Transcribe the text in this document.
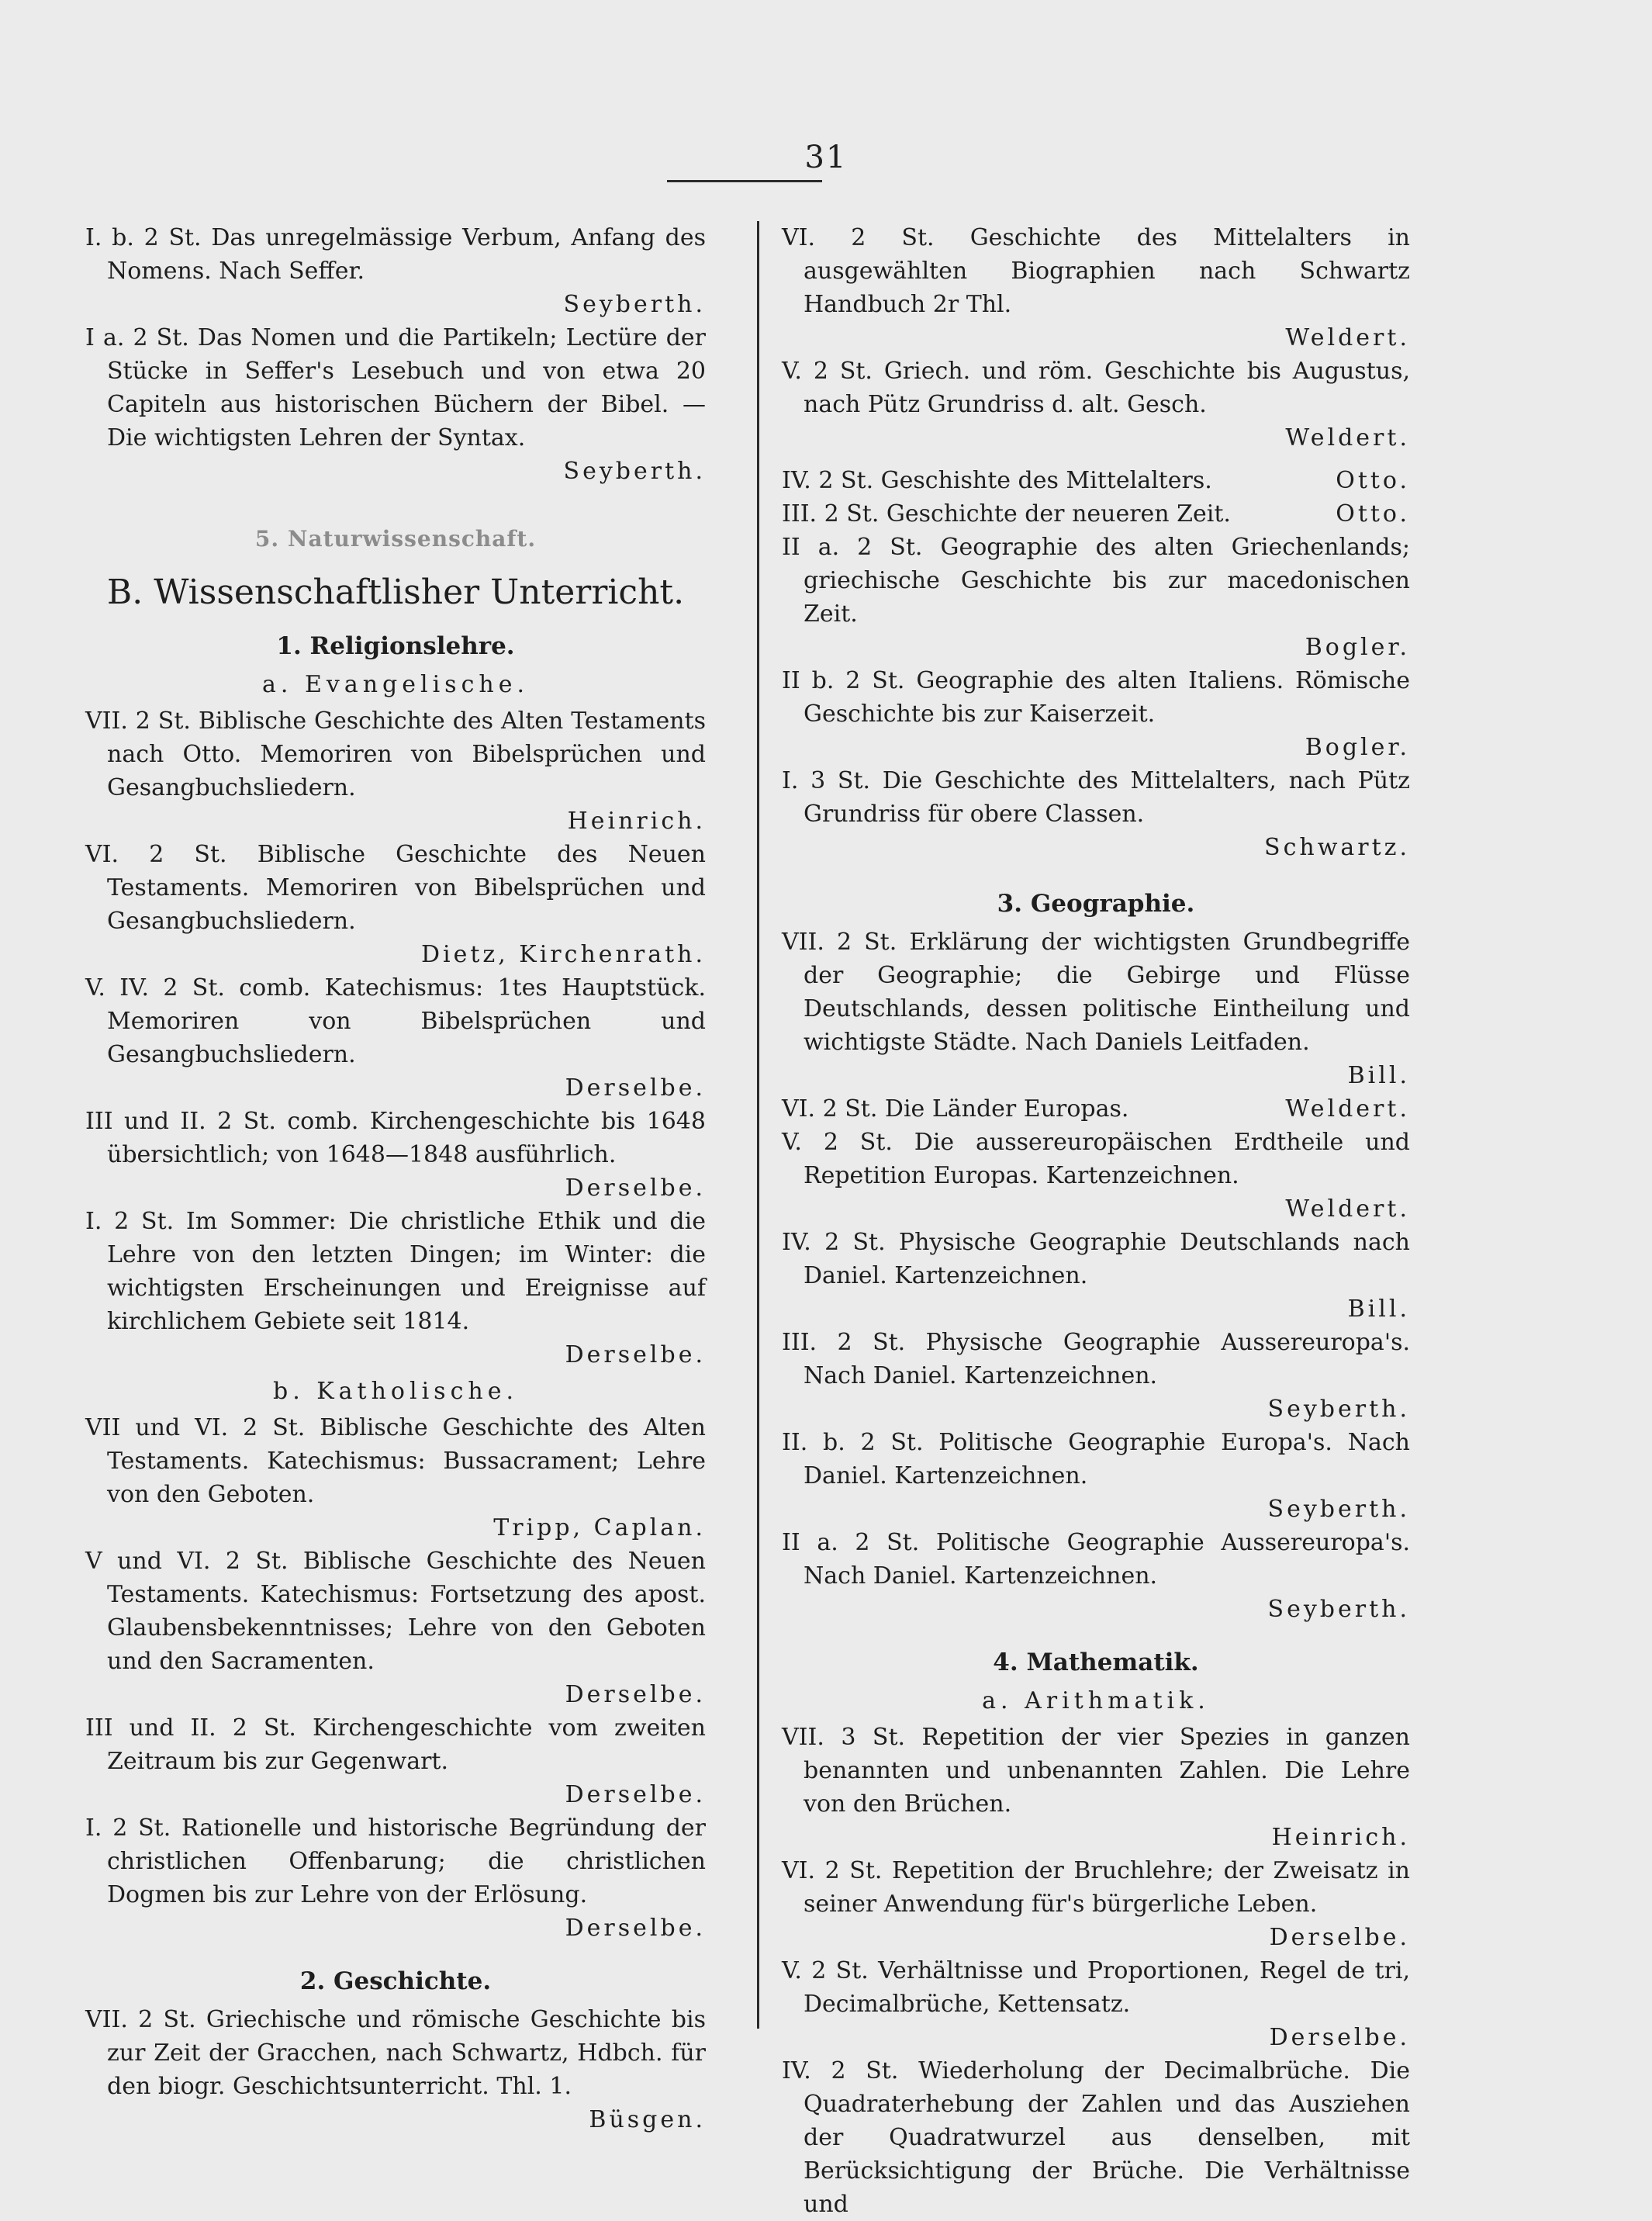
31

I. b. 2 St. Das unregelmässige Verbum, Anfang des Nomens. Nach Seffer.

Seyberth.

I a. 2 St. Das Nomen und die Partikeln; Lectüre der Stücke in Seffer's Lesebuch und von etwa 20 Capiteln aus historischen Büchern der Bibel. — Die wichtigsten Lehren der Syntax.

Seyberth.

5. Naturwissenschaft.

B. Wissenschaftlisher Unterricht.

1. Religionslehre.

a. Evangelische.

VII. 2 St. Biblische Geschichte des Alten Testaments nach Otto. Memoriren von Bibelsprüchen und Gesangbuchsliedern.

Heinrich.

VI. 2 St. Biblische Geschichte des Neuen Testaments. Memoriren von Bibelsprüchen und Gesangbuchsliedern.

Dietz, Kirchenrath.

V. IV. 2 St. comb. Katechismus: 1tes Hauptstück. Memoriren von Bibelsprüchen und Gesangbuchsliedern.

Derselbe.

III und II. 2 St. comb. Kirchengeschichte bis 1648 übersichtlich; von 1648—1848 ausführlich.

Derselbe.

I. 2 St. Im Sommer: Die christliche Ethik und die Lehre von den letzten Dingen; im Winter: die wichtigsten Erscheinungen und Ereignisse auf kirchlichem Gebiete seit 1814.

Derselbe.

b. Katholische.

VII und VI. 2 St. Biblische Geschichte des Alten Testaments. Katechismus: Bussacrament; Lehre von den Geboten.

Tripp, Caplan.

V und VI. 2 St. Biblische Geschichte des Neuen Testaments. Katechismus: Fortsetzung des apost. Glaubensbekenntnisses; Lehre von den Geboten und den Sacramenten.

Derselbe.

III und II. 2 St. Kirchengeschichte vom zweiten Zeitraum bis zur Gegenwart.

Derselbe.

I. 2 St. Rationelle und historische Begründung der christlichen Offenbarung; die christlichen Dogmen bis zur Lehre von der Erlösung.

Derselbe.

2. Geschichte.

VII. 2 St. Griechische und römische Geschichte bis zur Zeit der Gracchen, nach Schwartz, Hdbch. für den biogr. Geschichtsunterricht. Thl. 1.

Büsgen.

VI. 2 St. Geschichte des Mittelalters in ausgewählten Biographien nach Schwartz Handbuch 2r Thl.

Weldert.

V. 2 St. Griech. und röm. Geschichte bis Augustus, nach Pütz Grundriss d. alt. Gesch.

Weldert.

Otto.
IV. 2 St. Geschishte des Mittelalters.

Otto.
III. 2 St. Geschichte der neueren Zeit.

II a. 2 St. Geographie des alten Griechenlands; griechische Geschichte bis zur macedonischen Zeit.

Bogler.

II b. 2 St. Geographie des alten Italiens. Römische Geschichte bis zur Kaiserzeit.

Bogler.

I. 3 St. Die Geschichte des Mittelalters, nach Pütz Grundriss für obere Classen.

Schwartz.

3. Geographie.

VII. 2 St. Erklärung der wichtigsten Grundbegriffe der Geographie; die Gebirge und Flüsse Deutschlands, dessen politische Eintheilung und wichtigste Städte. Nach Daniels Leitfaden.

Bill.

Weldert.
VI. 2 St. Die Länder Europas.

V. 2 St. Die aussereuropäischen Erdtheile und Repetition Europas. Kartenzeichnen.

Weldert.

IV. 2 St. Physische Geographie Deutschlands nach Daniel. Kartenzeichnen.

Bill.

III. 2 St. Physische Geographie Aussereuropa's. Nach Daniel. Kartenzeichnen.

Seyberth.

II. b. 2 St. Politische Geographie Europa's. Nach Daniel. Kartenzeichnen.

Seyberth.

II a. 2 St. Politische Geographie Aussereuropa's. Nach Daniel. Kartenzeichnen.

Seyberth.

4. Mathematik.

a. Arithmatik.

VII. 3 St. Repetition der vier Spezies in ganzen benannten und unbenannten Zahlen. Die Lehre von den Brüchen.

Heinrich.

VI. 2 St. Repetition der Bruchlehre; der Zweisatz in seiner Anwendung für's bürgerliche Leben.

Derselbe.

V. 2 St. Verhältnisse und Proportionen, Regel de tri, Decimalbrüche, Kettensatz.

Derselbe.

IV. 2 St. Wiederholung der Decimalbrüche. Die Quadraterhebung der Zahlen und das Ausziehen der Quadratwurzel aus denselben, mit Berücksichtigung der Brüche. Die Verhältnisse und
